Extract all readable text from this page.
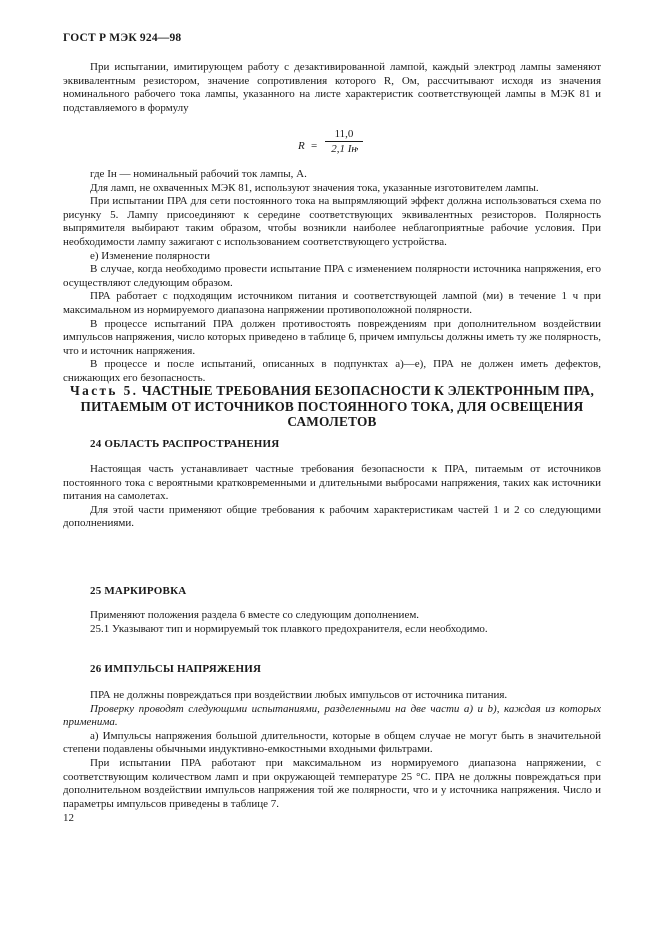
ГОСТ Р МЭК 924—98

При испытании, имитирующем работу с дезактивированной лампой, каждый электрод лампы заменяют эквивалентным резистором, значение сопротивления которого R, Ом, рассчитывают исходя из значения номинального рабочего тока лампы, указанного на листе характеристик соответствующей лампы в МЭК 81 и подставляемого в формулу

R =
11,0
2,1 Iн ,

где Iн — номинальный рабочий ток лампы, А.

Для ламп, не охваченных МЭК 81, используют значения тока, указанные изготовителем лампы.

При испытании ПРА для сети постоянного тока на выпрямляющий эффект должна использоваться схема по рисунку 5. Лампу присоединяют к середине соответствующих эквивалентных резисторов. Полярность выпрямителя выбирают таким образом, чтобы возникли наиболее неблагоприятные рабочие условия. При необходимости лампу зажигают с использованием соответствующего устройства.

е) Изменение полярности

В случае, когда необходимо провести испытание ПРА с изменением полярности источника напряжения, его осуществляют следующим образом.

ПРА работает с подходящим источником питания и соответствующей лампой (ми) в течение 1 ч при максимальном из нормируемого диапазона напряжении противоположной полярности.

В процессе испытаний ПРА должен противостоять повреждениям при дополнительном воздействии импульсов напряжения, число которых приведено в таблице 6, причем импульсы должны иметь ту же полярность, что и источник напряжения.

В процессе и после испытаний, описанных в подпунктах а)—е), ПРА не должен иметь дефектов, снижающих его безопасность.

Часть 5. ЧАСТНЫЕ ТРЕБОВАНИЯ БЕЗОПАСНОСТИ К ЭЛЕКТРОННЫМ ПРА, ПИТАЕМЫМ ОТ ИСТОЧНИКОВ ПОСТОЯННОГО ТОКА, ДЛЯ ОСВЕЩЕНИЯ САМОЛЕТОВ
24 ОБЛАСТЬ РАСПРОСТРАНЕНИЯ

Настоящая часть устанавливает частные требования безопасности к ПРА, питаемым от источников постоянного тока с вероятными кратковременными и длительными выбросами напряжения, таких как источники питания на самолетах.

Для этой части применяют общие требования к рабочим характеристикам частей 1 и 2 со следующими дополнениями.

25 МАРКИРОВКА

Применяют положения раздела 6 вместе со следующим дополнением.

25.1 Указывают тип и нормируемый ток плавкого предохранителя, если необходимо.

26 ИМПУЛЬСЫ НАПРЯЖЕНИЯ

ПРА не должны повреждаться при воздействии любых импульсов от источника питания.

Проверку проводят следующими испытаниями, разделенными на две части а) и b), каждая из которых применима.

а) Импульсы напряжения большой длительности, которые в общем случае не могут быть в значительной степени подавлены обычными индуктивно-емкостными входными фильтрами.

При испытании ПРА работают при максимальном из нормируемого диапазона напряжении, с соответствующим количеством ламп и при окружающей температуре 25 °С. ПРА не должны повреждаться при дополнительном воздействии импульсов напряжения той же полярности, что и у источника напряжения. Число и параметры импульсов приведены в таблице 7.

12
